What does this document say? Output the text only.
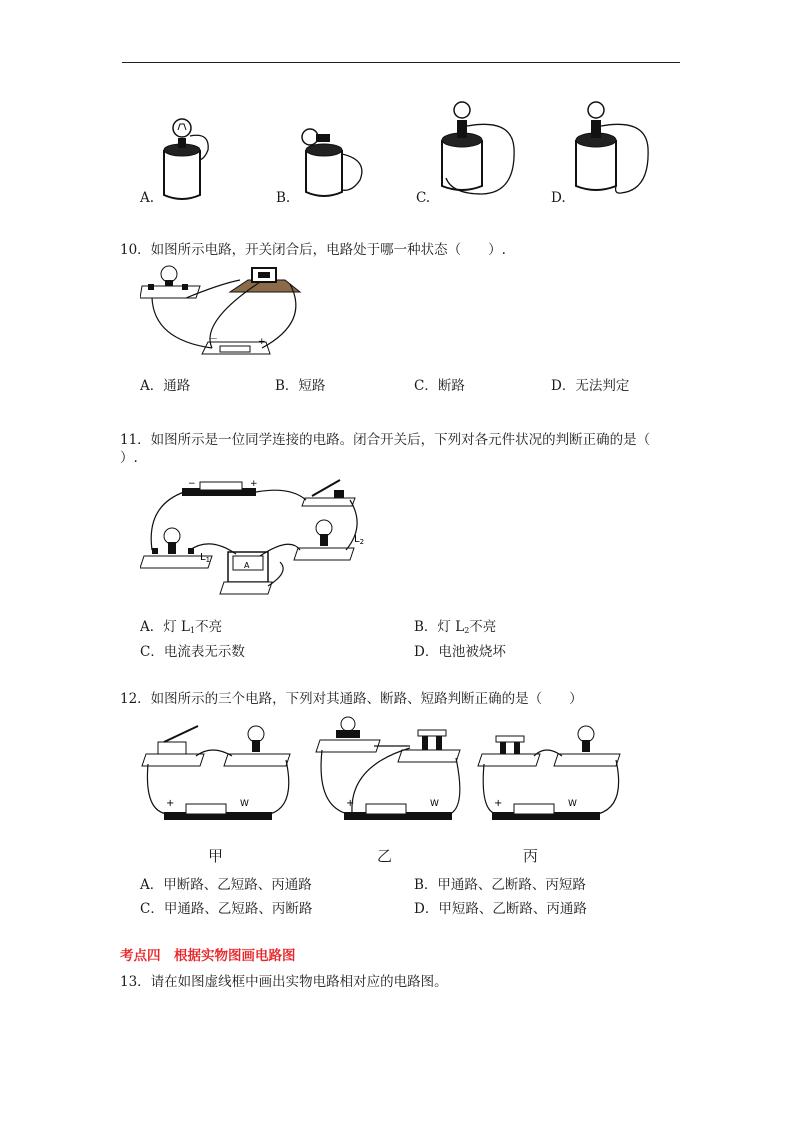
A.	B.	C.	D.
10．如图所示电路，开关闭合后，电路处于哪一种状态（　　）.
－	+
A．通路	B．短路	C．断路	D．无法判定
11．如图所示是一位同学连接的电路。闭合开关后，下列对各元件状况的判断正确的是（
）.
−	+
$L_1$
$L_2$
A
A．灯 $L_1$不亮	B．灯 $L_2$不亮
C．电流表无示数	D．电池被烧坏
12．如图所示的三个电路，下列对其通路、断路、短路判断正确的是（　　）
+	W	+	W	+	W
甲	乙	丙
A．甲断路、乙短路、丙通路	B．甲通路、乙断路、丙短路
C．甲通路、乙短路、丙断路	D．甲短路、乙断路、丙通路
考点四　根据实物图画电路图
13．请在如图虚线框中画出实物电路相对应的电路图。
